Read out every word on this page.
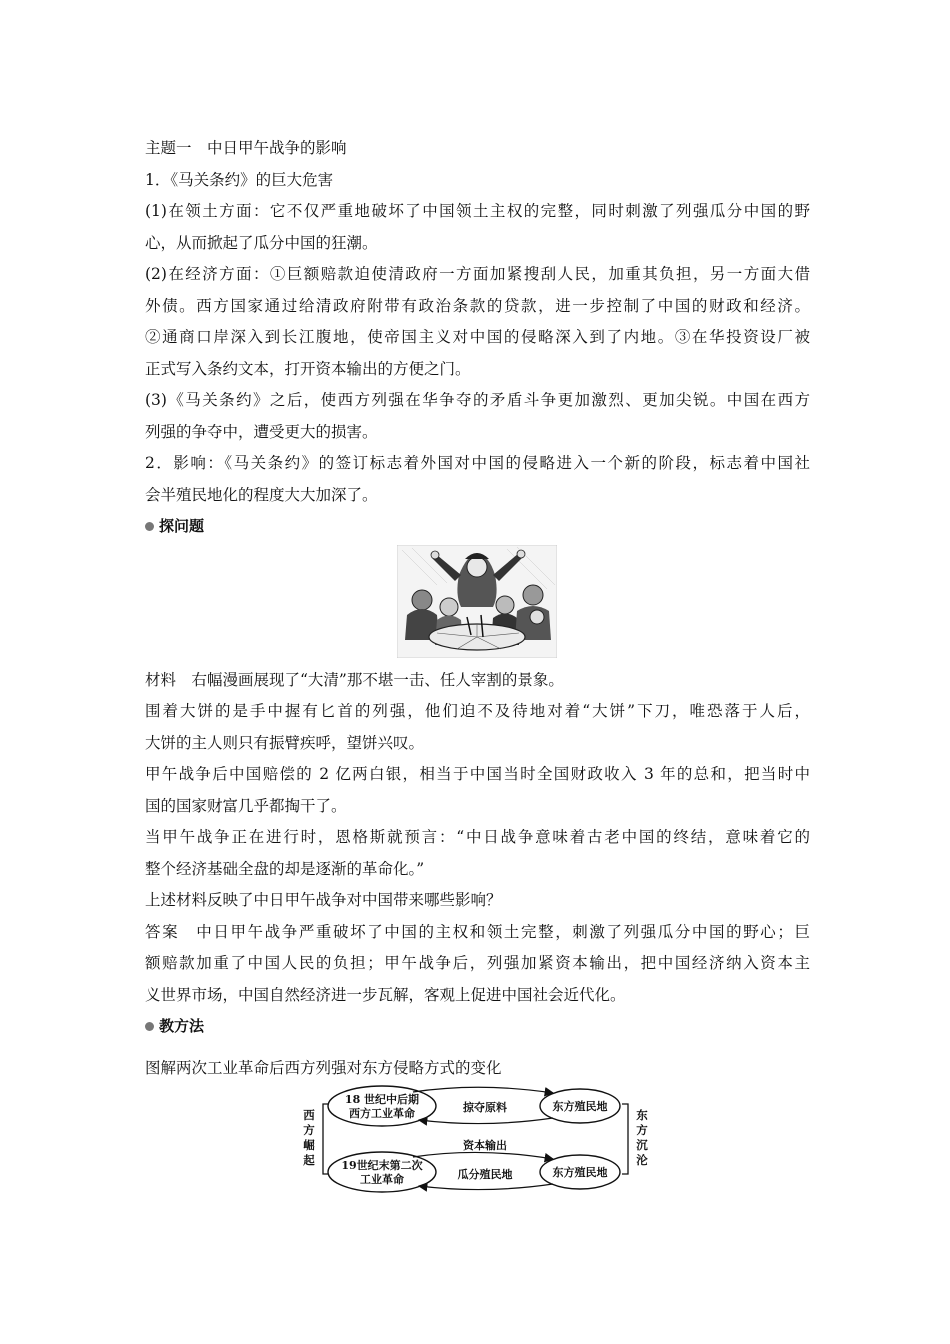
主题一　中日甲午战争的影响

1．《马关条约》的巨大危害

(1)在领土方面：它不仅严重地破坏了中国领土主权的完整，同时刺激了列强瓜分中国的野

心，从而掀起了瓜分中国的狂潮。

(2)在经济方面：①巨额赔款迫使清政府一方面加紧搜刮人民，加重其负担，另一方面大借

外债。西方国家通过给清政府附带有政治条款的贷款，进一步控制了中国的财政和经济。

②通商口岸深入到长江腹地，使帝国主义对中国的侵略深入到了内地。③在华投资设厂被

正式写入条约文本，打开资本输出的方便之门。

(3)《马关条约》之后，使西方列强在华争夺的矛盾斗争更加激烈、更加尖锐。中国在西方

列强的争夺中，遭受更大的损害。

2．影响：《马关条约》的签订标志着外国对中国的侵略进入一个新的阶段，标志着中国社

会半殖民地化的程度大大加深了。

探问题

材料　右幅漫画展现了“大清”那不堪一击、任人宰割的景象。

围着大饼的是手中握有匕首的列强，他们迫不及待地对着“大饼”下刀，唯恐落于人后，

大饼的主人则只有振臂疾呼，望饼兴叹。

甲午战争后中国赔偿的 2 亿两白银，相当于中国当时全国财政收入 3 年的总和，把当时中

国的国家财富几乎都掏干了。

当甲午战争正在进行时，恩格斯就预言：“中日战争意味着古老中国的终结，意味着它的

整个经济基础全盘的却是逐渐的革命化。”

上述材料反映了中日甲午战争对中国带来哪些影响？

答案　中日甲午战争严重破坏了中国的主权和领土完整，刺激了列强瓜分中国的野心；巨

额赔款加重了中国人民的负担；甲午战争后，列强加紧资本输出，把中国经济纳入资本主

义世界市场，中国自然经济进一步瓦解，客观上促进中国社会近代化。

教方法

图解两次工业革命后西方列强对东方侵略方式的变化

西
方
崛
起
东
方
沉
沦
18 世纪中后期
西方工业革命
东方殖民地
19世纪末第二次
工业革命
东方殖民地
掠夺原料
资本输出
瓜分殖民地
